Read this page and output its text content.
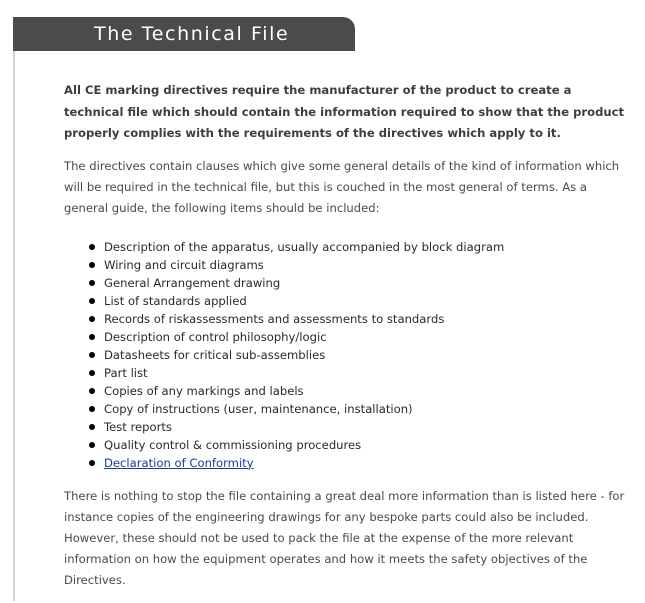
The Technical File

All CE marking directives require the manufacturer of the product to create a technical file which should contain the information required to show that the product properly complies with the requirements of the directives which apply to it.

The directives contain clauses which give some general details of the kind of information which will be required in the technical file, but this is couched in the most general of terms. As a general guide, the following items should be included:

Description of the apparatus, usually accompanied by block diagram
Wiring and circuit diagrams
General Arrangement drawing
List of standards applied
Records of riskassessments and assessments to standards
Description of control philosophy/logic
Datasheets for critical sub-assemblies
Part list
Copies of any markings and labels
Copy of instructions (user, maintenance, installation)
Test reports
Quality control & commissioning procedures
Declaration of Conformity

There is nothing to stop the file containing a great deal more information than is listed here - for instance copies of the engineering drawings for any bespoke parts could also be included. However, these should not be used to pack the file at the expense of the more relevant information on how the equipment operates and how it meets the safety objectives of the Directives.
